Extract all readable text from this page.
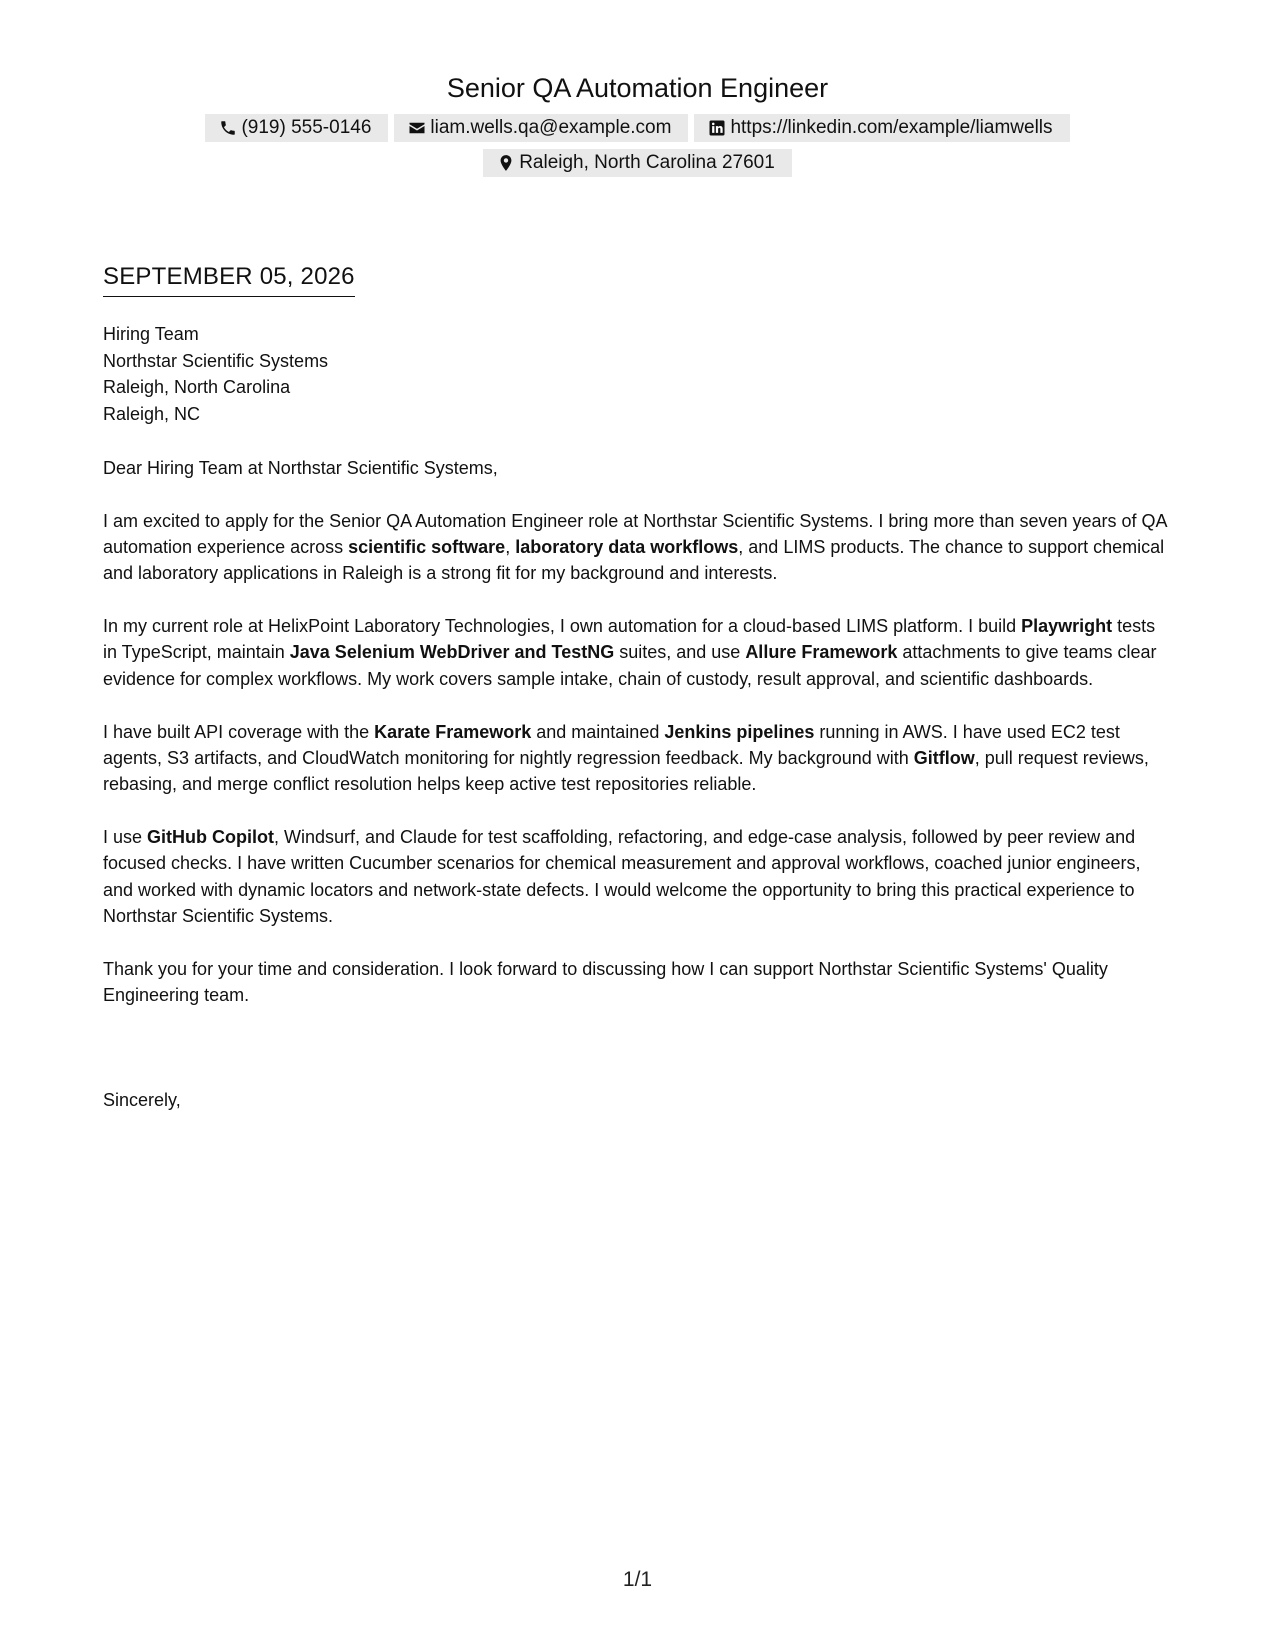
Senior QA Automation Engineer
(919) 555-0146	liam.wells.qa@example.com	https://linkedin.com/example/liamwells
Raleigh, North Carolina 27601
SEPTEMBER 05, 2026
Hiring Team
Northstar Scientific Systems
Raleigh, North Carolina
Raleigh, NC

Dear Hiring Team at Northstar Scientific Systems,

I am excited to apply for the Senior QA Automation Engineer role at Northstar Scientific Systems. I bring more than seven years of QA automation experience across scientific software, laboratory data workflows, and LIMS products. The chance to support chemical and laboratory applications in Raleigh is a strong fit for my background and interests.

In my current role at HelixPoint Laboratory Technologies, I own automation for a cloud-based LIMS platform. I build Playwright tests in TypeScript, maintain Java Selenium WebDriver and TestNG suites, and use Allure Framework attachments to give teams clear evidence for complex workflows. My work covers sample intake, chain of custody, result approval, and scientific dashboards.

I have built API coverage with the Karate Framework and maintained Jenkins pipelines running in AWS. I have used EC2 test agents, S3 artifacts, and CloudWatch monitoring for nightly regression feedback. My background with Gitflow, pull request reviews, rebasing, and merge conflict resolution helps keep active test repositories reliable.

I use GitHub Copilot, Windsurf, and Claude for test scaffolding, refactoring, and edge-case analysis, followed by peer review and focused checks. I have written Cucumber scenarios for chemical measurement and approval workflows, coached junior engineers, and worked with dynamic locators and network-state defects. I would welcome the opportunity to bring this practical experience to Northstar Scientific Systems.

Thank you for your time and consideration. I look forward to discussing how I can support Northstar Scientific Systems' Quality Engineering team.

Sincerely,
1/1
